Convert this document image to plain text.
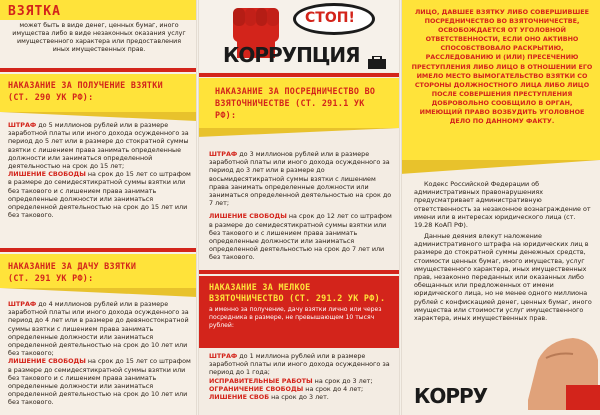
ВЗЯТКА
может быть в виде денег, ценных бумаг, иного имущества либо в виде незаконных оказания услуг имущественного характера или предоставления иных имущественных прав.
НАКАЗАНИЕ ЗА ПОЛУЧЕНИЕ ВЗЯТКИ (СТ. 290 УК РФ):

ШТРАФ до 5 миллионов рублей или в размере заработной платы или иного дохода осужденного за период до 5 лет или в размере до стократной суммы взятки с лишением права занимать определенные должности или заниматься определенной деятельностью на срок до 15 лет;

ЛИШЕНИЕ СВОБОДЫ на срок до 15 лет со штрафом в размере до семидесятикратной суммы взятки или без такового и с лишением права занимать определенные должности или заниматься определенной деятельностью на срок до 15 лет или без такового.

НАКАЗАНИЕ ЗА ДАЧУ ВЗЯТКИ (СТ. 291 УК РФ):

ШТРАФ до 4 миллионов рублей или в размере заработной платы или иного дохода осужденного за период до 4 лет или в размере до девяностократной суммы взятки с лишением права занимать определенные должности или заниматься определенной деятельностью на срок до 10 лет или без такового;

ЛИШЕНИЕ СВОБОДЫ на срок до 15 лет со штрафом в размере до семидесятикратной суммы взятки или без такового и с лишением права занимать определенные должности или заниматься определенной деятельностью на срок до 10 лет или без такового.

СТОП!
КОРРУПЦИЯ
НАКАЗАНИЕ ЗА ПОСРЕДНИЧЕСТВО ВО ВЗЯТОЧНИЧЕСТВЕ (СТ. 291.1 УК РФ):

ШТРАФ до 3 миллионов рублей или в размере заработной платы или иного дохода осужденного за период до 3 лет или в размере до восьмидесятикратной суммы взятки с лишением права занимать определенные должности или заниматься определенной деятельностью на срок до 7 лет;

ЛИШЕНИЕ СВОБОДЫ на срок до 12 лет со штрафом в размере до семидесятикратной суммы взятки или без такового и с лишением права занимать определенные должности или заниматься определенной деятельностью на срок до 7 лет или без такового.

НАКАЗАНИЕ ЗА МЕЛКОЕ ВЗЯТОЧНИЧЕСТВО (СТ. 291.2 УК РФ).
а именно за получение, дачу взятки лично или через посредника в размере, не превышающем 10 тысяч рублей:

ШТРАФ до 1 миллиона рублей или в размере заработной платы или иного дохода осужденного за период до 1 года;

ИСПРАВИТЕЛЬНЫЕ РАБОТЫ на срок до 3 лет;

ОГРАНИЧЕНИЕ СВОБОДЫ на срок до 4 лет;

ЛИШЕНИЕ СВОБ на срок до 3 лет.

ЛИЦО, ДАВШЕЕ ВЗЯТКУ ЛИБО СОВЕРШИВШЕЕ ПОСРЕДНИЧЕСТВО ВО ВЗЯТОЧНИЧЕСТВЕ, ОСВОБОЖДАЕТСЯ ОТ УГОЛОВНОЙ ОТВЕТСТВЕННОСТИ, ЕСЛИ ОНО АКТИВНО СПОСОБСТВОВАЛО РАСКРЫТИЮ, РАССЛЕДОВАНИЮ И (ИЛИ) ПРЕСЕЧЕНИЮ ПРЕСТУПЛЕНИЯ ЛИБО ЛИЦО В ОТНОШЕНИИ ЕГО ИМЕЛО МЕСТО ВЫМОГАТЕЛЬСТВО ВЗЯТКИ СО СТОРОНЫ ДОЛЖНОСТНОГО ЛИЦА ЛИБО ЛИЦО ПОСЛЕ СОВЕРШЕНИЯ ПРЕСТУПЛЕНИЯ ДОБРОВОЛЬНО СООБЩИЛО В ОРГАН, ИМЕЮЩИЙ ПРАВО ВОЗБУДИТЬ УГОЛОВНОЕ ДЕЛО ПО ДАННОМУ ФАКТУ.
Кодекс Российской Федерации об административных правонарушениях предусматривает административную ответственность за незаконное вознаграждение от имени или в интересах юридического лица (ст. 19.28 КоАП РФ).
Данные деяния влекут наложение административного штрафа на юридических лиц в размере до стократной суммы денежных средств, стоимости ценных бумаг, иного имущества, услуг имущественного характера, иных имущественных прав, незаконно переданных или оказанных либо обещанных или предложенных от имени юридического лица, но не менее одного миллиона рублей с конфискацией денег, ценных бумаг, иного имущества или стоимости услуг имущественного характера, иных имущественных прав.
КОРРУ
